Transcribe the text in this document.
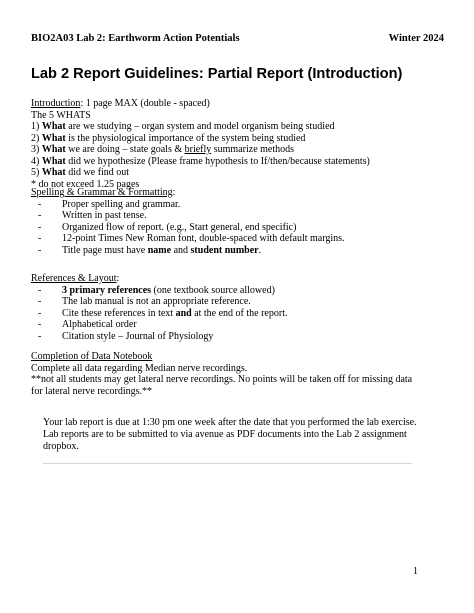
BIO2A03 Lab 2: Earthworm Action Potentials	Winter 2024
Lab 2 Report Guidelines: Partial Report (Introduction)
Introduction: 1 page MAX (double - spaced)
The 5 WHATS
1) What are we studying – organ system and model organism being studied
2) What is the physiological importance of the system being studied
3) What we are doing – state goals & briefly summarize methods
4) What did we hypothesize (Please frame hypothesis to If/then/because statements)
5) What did we find out
* do not exceed 1.25 pages
Spelling & Grammar & Formatting:
- Proper spelling and grammar.
- Written in past tense.
- Organized flow of report. (e.g., Start general, end specific)
- 12-point Times New Roman font, double-spaced with default margins.
- Title page must have name and student number.
References & Layout:
- 3 primary references (one textbook source allowed)
- The lab manual is not an appropriate reference.
- Cite these references in text and at the end of the report.
- Alphabetical order
- Citation style – Journal of Physiology
Completion of Data Notebook
Complete all data regarding Median nerve recordings.
**not all students may get lateral nerve recordings. No points will be taken off for missing data
for lateral nerve recordings.**
Your lab report is due at 1:30 pm one week after the date that you performed the lab exercise.
Lab reports are to be submitted to via avenue as PDF documents into the Lab 2 assignment
dropbox.
1
